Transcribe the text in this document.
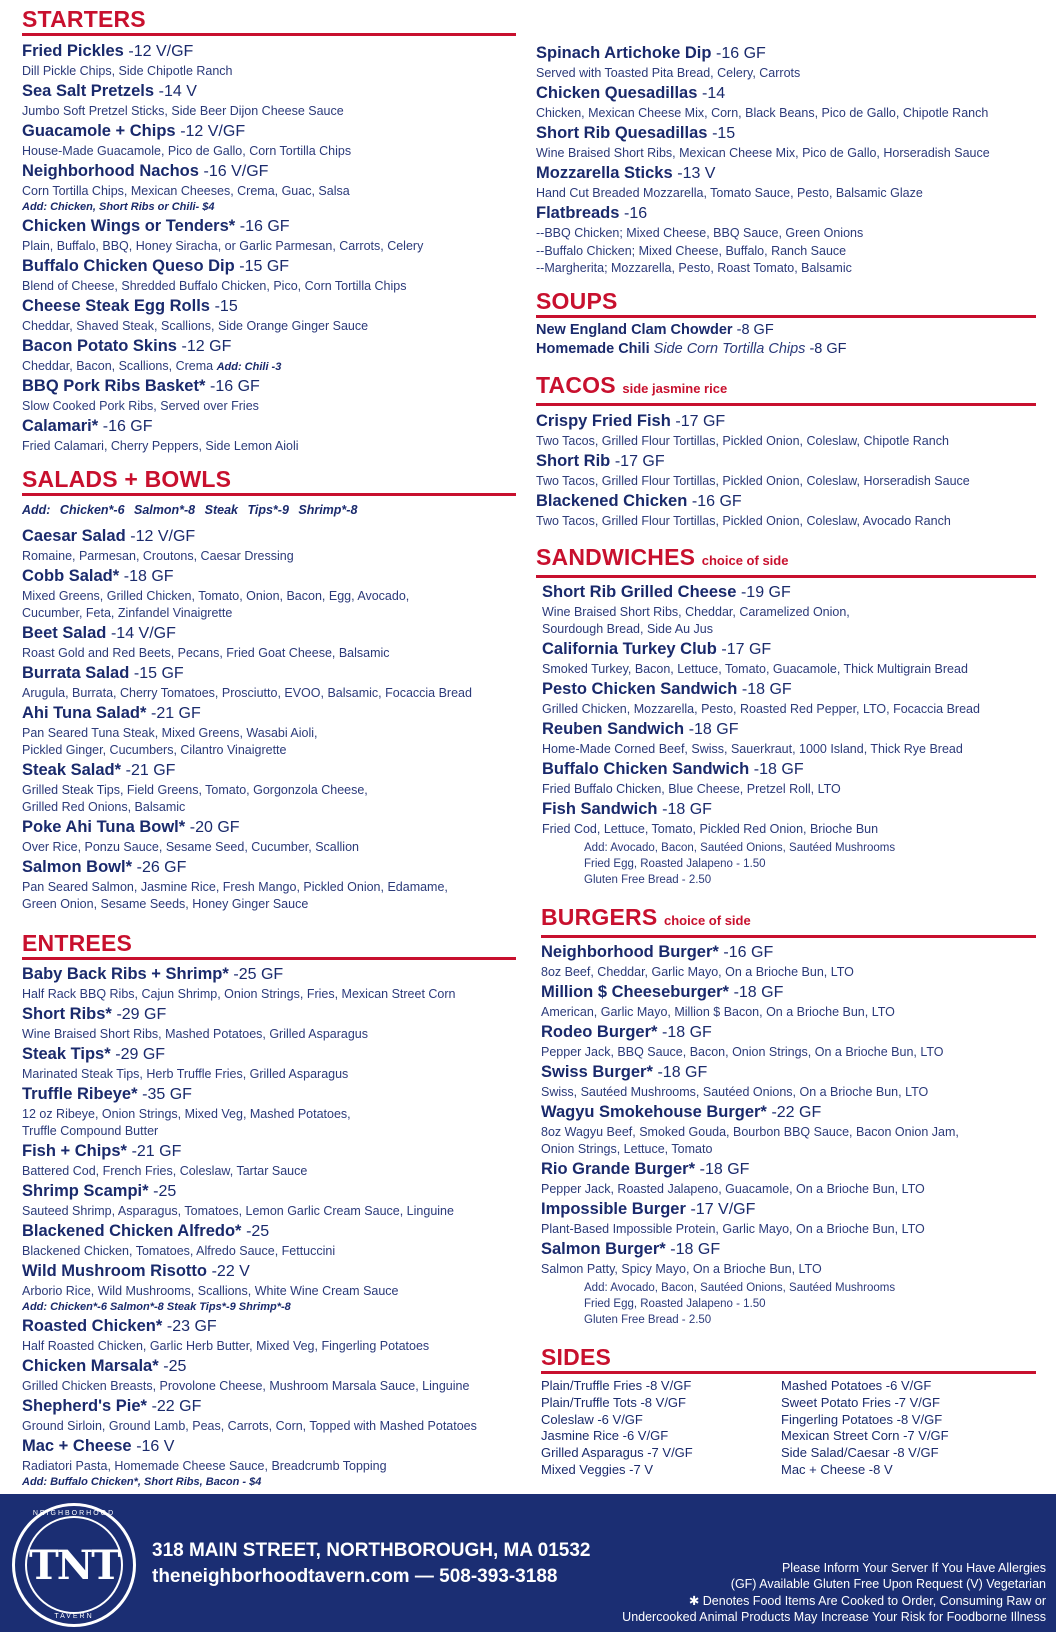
STARTERS
Fried Pickles -12 V/GF
Dill Pickle Chips, Side Chipotle Ranch
Sea Salt Pretzels -14 V
Jumbo Soft Pretzel Sticks, Side Beer Dijon Cheese Sauce
Guacamole + Chips -12 V/GF
House-Made Guacamole, Pico de Gallo, Corn Tortilla Chips
Neighborhood Nachos -16 V/GF
Corn Tortilla Chips, Mexican Cheeses, Crema, Guac, Salsa
Add: Chicken, Short Ribs or Chili- $4
Chicken Wings or Tenders* -16 GF
Plain, Buffalo, BBQ, Honey Siracha, or Garlic Parmesan, Carrots, Celery
Buffalo Chicken Queso Dip -15 GF
Blend of Cheese, Shredded Buffalo Chicken, Pico, Corn Tortilla Chips
Cheese Steak Egg Rolls -15
Cheddar, Shaved Steak, Scallions, Side Orange Ginger Sauce
Bacon Potato Skins -12 GF
Cheddar, Bacon, Scallions, Crema Add: Chili -3
BBQ Pork Ribs Basket* -16 GF
Slow Cooked Pork Ribs, Served over Fries
Calamari* -16 GF
Fried Calamari, Cherry Peppers, Side Lemon Aioli
SALADS + BOWLS
Add: Chicken*-6 Salmon*-8 Steak Tips*-9 Shrimp*-8
Caesar Salad -12 V/GF
Romaine, Parmesan, Croutons, Caesar Dressing
Cobb Salad* -18 GF
Mixed Greens, Grilled Chicken, Tomato, Onion, Bacon, Egg, Avocado,
Cucumber, Feta, Zinfandel Vinaigrette
Beet Salad -14 V/GF
Roast Gold and Red Beets, Pecans, Fried Goat Cheese, Balsamic
Burrata Salad -15 GF
Arugula, Burrata, Cherry Tomatoes, Prosciutto, EVOO, Balsamic, Focaccia Bread
Ahi Tuna Salad* -21 GF
Pan Seared Tuna Steak, Mixed Greens, Wasabi Aioli,
Pickled Ginger, Cucumbers, Cilantro Vinaigrette
Steak Salad* -21 GF
Grilled Steak Tips, Field Greens, Tomato, Gorgonzola Cheese,
Grilled Red Onions, Balsamic
Poke Ahi Tuna Bowl* -20 GF
Over Rice, Ponzu Sauce, Sesame Seed, Cucumber, Scallion
Salmon Bowl* -26 GF
Pan Seared Salmon, Jasmine Rice, Fresh Mango, Pickled Onion, Edamame,
Green Onion, Sesame Seeds, Honey Ginger Sauce
ENTREES
Baby Back Ribs + Shrimp* -25 GF
Half Rack BBQ Ribs, Cajun Shrimp, Onion Strings, Fries, Mexican Street Corn
Short Ribs* -29 GF
Wine Braised Short Ribs, Mashed Potatoes, Grilled Asparagus
Steak Tips* -29 GF
Marinated Steak Tips, Herb Truffle Fries, Grilled Asparagus
Truffle Ribeye* -35 GF
12 oz Ribeye, Onion Strings, Mixed Veg, Mashed Potatoes,
Truffle Compound Butter
Fish + Chips* -21 GF
Battered Cod, French Fries, Coleslaw, Tartar Sauce
Shrimp Scampi* -25
Sauteed Shrimp, Asparagus, Tomatoes, Lemon Garlic Cream Sauce, Linguine
Blackened Chicken Alfredo* -25
Blackened Chicken, Tomatoes, Alfredo Sauce, Fettuccini
Wild Mushroom Risotto -22 V
Arborio Rice, Wild Mushrooms, Scallions, White Wine Cream Sauce
Add: Chicken*-6 Salmon*-8 Steak Tips*-9 Shrimp*-8
Roasted Chicken* -23 GF
Half Roasted Chicken, Garlic Herb Butter, Mixed Veg, Fingerling Potatoes
Chicken Marsala* -25
Grilled Chicken Breasts, Provolone Cheese, Mushroom Marsala Sauce, Linguine
Shepherd's Pie* -22 GF
Ground Sirloin, Ground Lamb, Peas, Carrots, Corn, Topped with Mashed Potatoes
Mac + Cheese -16 V
Radiatori Pasta, Homemade Cheese Sauce, Breadcrumb Topping
Add: Buffalo Chicken*, Short Ribs, Bacon - $4
Spinach Artichoke Dip -16 GF
Served with Toasted Pita Bread, Celery, Carrots
Chicken Quesadillas -14
Chicken, Mexican Cheese Mix, Corn, Black Beans, Pico de Gallo, Chipotle Ranch
Short Rib Quesadillas -15
Wine Braised Short Ribs, Mexican Cheese Mix, Pico de Gallo, Horseradish Sauce
Mozzarella Sticks -13 V
Hand Cut Breaded Mozzarella, Tomato Sauce, Pesto, Balsamic Glaze
Flatbreads -16
--BBQ Chicken; Mixed Cheese, BBQ Sauce, Green Onions
--Buffalo Chicken; Mixed Cheese, Buffalo, Ranch Sauce
--Margherita; Mozzarella, Pesto, Roast Tomato, Balsamic
SOUPS
New England Clam Chowder -8 GF
Homemade Chili Side Corn Tortilla Chips -8 GF
TACOS side jasmine rice
Crispy Fried Fish -17 GF
Two Tacos, Grilled Flour Tortillas, Pickled Onion, Coleslaw, Chipotle Ranch
Short Rib -17 GF
Two Tacos, Grilled Flour Tortillas, Pickled Onion, Coleslaw, Horseradish Sauce
Blackened Chicken -16 GF
Two Tacos, Grilled Flour Tortillas, Pickled Onion, Coleslaw, Avocado Ranch
SANDWICHES choice of side
Short Rib Grilled Cheese -19 GF
Wine Braised Short Ribs, Cheddar, Caramelized Onion,
Sourdough Bread, Side Au Jus
California Turkey Club -17 GF
Smoked Turkey, Bacon, Lettuce, Tomato, Guacamole, Thick Multigrain Bread
Pesto Chicken Sandwich -18 GF
Grilled Chicken, Mozzarella, Pesto, Roasted Red Pepper, LTO, Focaccia Bread
Reuben Sandwich -18 GF
Home-Made Corned Beef, Swiss, Sauerkraut, 1000 Island, Thick Rye Bread
Buffalo Chicken Sandwich -18 GF
Fried Buffalo Chicken, Blue Cheese, Pretzel Roll, LTO
Fish Sandwich -18 GF
Fried Cod, Lettuce, Tomato, Pickled Red Onion, Brioche Bun
Add: Avocado, Bacon, Sautéed Onions, Sautéed Mushrooms
Fried Egg, Roasted Jalapeno - 1.50
Gluten Free Bread - 2.50
BURGERS choice of side
Neighborhood Burger* -16 GF
8oz Beef, Cheddar, Garlic Mayo, On a Brioche Bun, LTO
Million $ Cheeseburger* -18 GF
American, Garlic Mayo, Million $ Bacon, On a Brioche Bun, LTO
Rodeo Burger* -18 GF
Pepper Jack, BBQ Sauce, Bacon, Onion Strings, On a Brioche Bun, LTO
Swiss Burger* -18 GF
Swiss, Sautéed Mushrooms, Sautéed Onions, On a Brioche Bun, LTO
Wagyu Smokehouse Burger* -22 GF
8oz Wagyu Beef, Smoked Gouda, Bourbon BBQ Sauce, Bacon Onion Jam,
Onion Strings, Lettuce, Tomato
Rio Grande Burger* -18 GF
Pepper Jack, Roasted Jalapeno, Guacamole, On a Brioche Bun, LTO
Impossible Burger -17 V/GF
Plant-Based Impossible Protein, Garlic Mayo, On a Brioche Bun, LTO
Salmon Burger* -18 GF
Salmon Patty, Spicy Mayo, On a Brioche Bun, LTO
Add: Avocado, Bacon, Sautéed Onions, Sautéed Mushrooms
Fried Egg, Roasted Jalapeno - 1.50
Gluten Free Bread - 2.50
SIDES
Plain/Truffle Fries -8 V/GF
Plain/Truffle Tots -8 V/GF
Coleslaw -6 V/GF
Jasmine Rice -6 V/GF
Grilled Asparagus -7 V/GF
Mixed Veggies -7 V
Mashed Potatoes -6 V/GF
Sweet Potato Fries -7 V/GF
Fingerling Potatoes -8 V/GF
Mexican Street Corn -7 V/GF
Side Salad/Caesar -8 V/GF
Mac + Cheese -8 V
NEIGHBORHOOD
TNT
TAVERN
318 MAIN STREET, NORTHBOROUGH, MA 01532
theneighborhoodtavern.com — 508-393-3188	Please Inform Your Server If You Have Allergies
(GF) Available Gluten Free Upon Request (V) Vegetarian
✱ Denotes Food Items Are Cooked to Order, Consuming Raw or
Undercooked Animal Products May Increase Your Risk for Foodborne Illness
